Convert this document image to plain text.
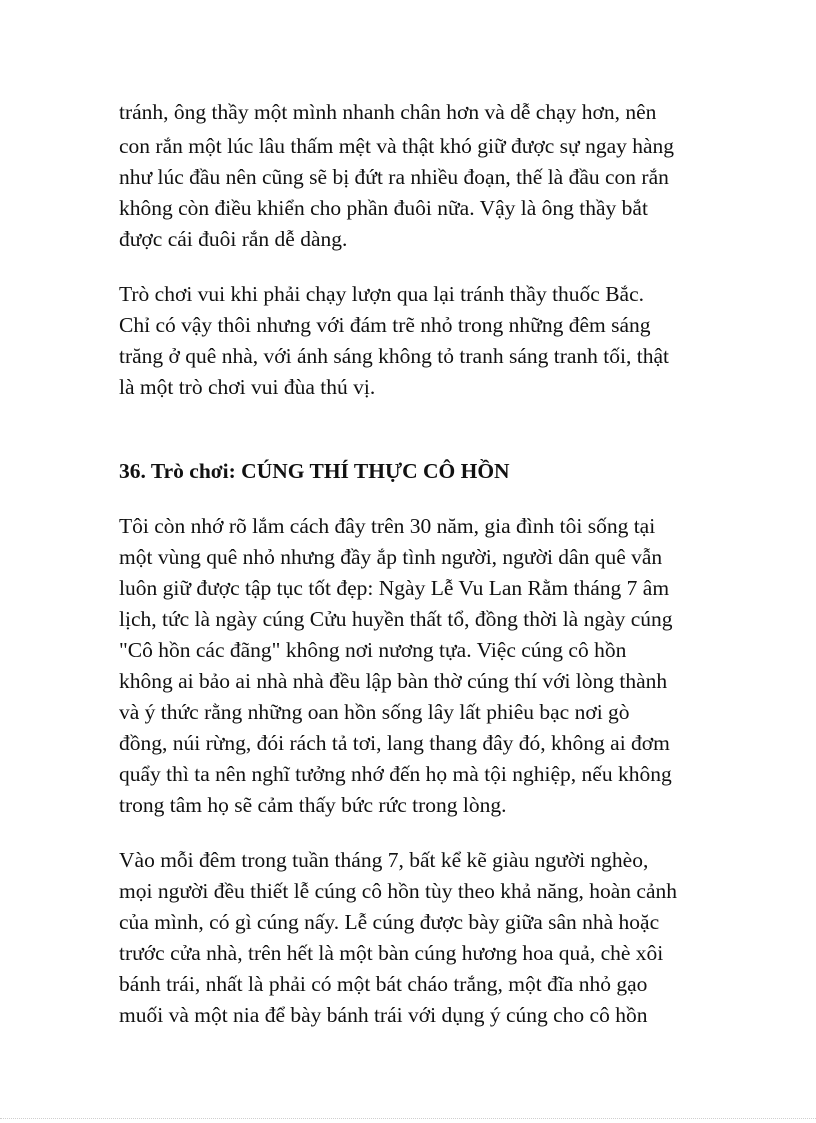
tránh, ông thầy một mình nhanh chân hơn và dễ chạy hơn, nên
con rắn một lúc lâu thấm mệt và thật khó giữ được sự ngay hàng
như lúc đầu nên cũng sẽ bị đứt ra nhiều đoạn, thế là đầu con rắn
không còn điều khiển cho phần đuôi nữa. Vậy là ông thầy bắt
được cái đuôi rắn dễ dàng.
Trò chơi vui khi phải chạy lượn qua lại tránh thầy thuốc Bắc.
Chỉ có vậy thôi nhưng với đám trẽ nhỏ trong những đêm sáng
trăng ở quê nhà, với ánh sáng không tỏ tranh sáng tranh tối, thật
là một trò chơi vui đùa thú vị.
36. Trò chơi: CÚNG THÍ THỰC CÔ HỒN
Tôi còn nhớ rõ lắm cách đây trên 30 năm, gia đình tôi sống tại
một vùng quê nhỏ nhưng đầy ắp tình người, người dân quê vẫn
luôn giữ được tập tục tốt đẹp: Ngày Lễ Vu Lan Rằm tháng 7 âm
lịch, tức là ngày cúng Cửu huyền thất tổ, đồng thời là ngày cúng
"Cô hồn các đãng" không nơi nương tựa. Việc cúng cô hồn
không ai bảo ai nhà nhà đều lập bàn thờ cúng thí với lòng thành
và ý thức rằng những oan hồn sống lây lất phiêu bạc nơi gò
đồng, núi rừng, đói rách tả tơi, lang thang đây đó, không ai đơm
quẩy thì ta nên nghĩ tưởng nhớ đến họ mà tội nghiệp, nếu không
trong tâm họ sẽ cảm thấy bức rức trong lòng.
Vào mỗi đêm trong tuần tháng 7, bất kể kẽ giàu người nghèo,
mọi người đều thiết lễ cúng cô hồn tùy theo khả năng, hoàn cảnh
của mình, có gì cúng nấy. Lễ cúng được bày giữa sân nhà hoặc
trước cửa nhà, trên hết là một bàn cúng hương hoa quả, chè xôi
bánh trái, nhất là phải có một bát cháo trắng, một đĩa nhỏ gạo
muối và một nia để bày bánh trái với dụng ý cúng cho cô hồn
